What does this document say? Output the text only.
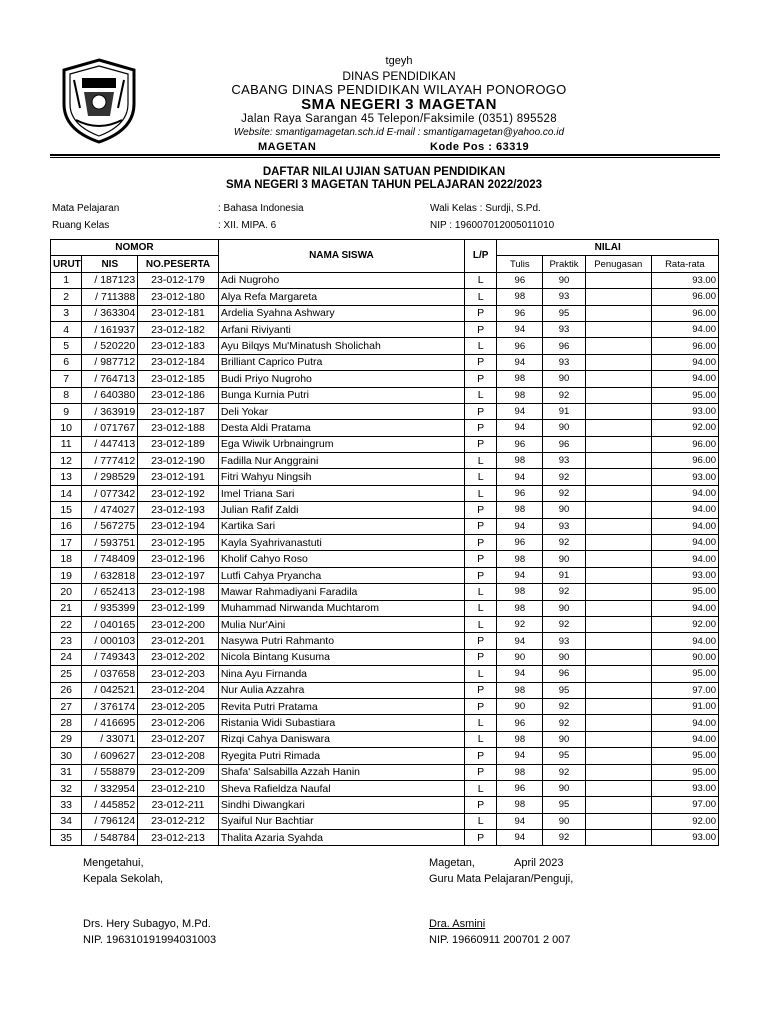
tgeyh
DINAS PENDIDIKAN
CABANG DINAS PENDIDIKAN WILAYAH PONOROGO
SMA NEGERI 3 MAGETAN
Jalan Raya Sarangan 45 Telepon/Faksimile (0351) 895528
Website: smantigamagetan.sch.id E-mail : smantigamagetan@yahoo.co.id
MAGETAN	Kode Pos : 63319
DAFTAR NILAI UJIAN SATUAN PENDIDIKAN
SMA NEGERI 3 MAGETAN TAHUN PELAJARAN 2022/2023
Mata Pelajaran	: Bahasa Indonesia
Ruang Kelas	: XII. MIPA. 6
Wali Kelas : Surdji, S.Pd.
NIP : 196007012005011010
NOMOR			NAMA SISWA	L/P	NILAI			
URUT	NIS	NO.PESERTA			Tulis	Praktik	Penugasan	Rata-rata
1	187123 /	23-012-179	Adi Nugroho	L	96	90		93.00
2	711388 /	23-012-180	Alya Refa Margareta	L	98	93		96.00
3	363304 /	23-012-181	Ardelia Syahna Ashwary	P	96	95		96.00
4	161937 /	23-012-182	Arfani Riviyanti	P	94	93		94.00
5	520220 /	23-012-183	Ayu Bilqys Mu'Minatush Sholichah	L	96	96		96.00
6	987712 /	23-012-184	Brilliant Caprico Putra	P	94	93		94.00
7	764713 /	23-012-185	Budi Priyo Nugroho	P	98	90		94.00
8	640380 /	23-012-186	Bunga Kurnia Putri	L	98	92		95.00
9	363919 /	23-012-187	Deli Yokar	P	94	91		93.00
10	071767 /	23-012-188	Desta Aldi Pratama	P	94	90		92.00
11	447413 /	23-012-189	Ega Wiwik Urbnaingrum	P	96	96		96.00
12	777412 /	23-012-190	Fadilla Nur Anggraini	L	98	93		96.00
13	298529 /	23-012-191	Fitri Wahyu Ningsih	L	94	92		93.00
14	077342 /	23-012-192	Imel Triana Sari	L	96	92		94.00
15	474027 /	23-012-193	Julian Rafif Zaldi	P	98	90		94.00
16	567275 /	23-012-194	Kartika Sari	P	94	93		94.00
17	593751 /	23-012-195	Kayla Syahrivanastuti	P	96	92		94.00
18	748409 /	23-012-196	Kholif Cahyo Roso	P	98	90		94.00
19	632818 /	23-012-197	Lutfi Cahya Pryancha	P	94	91		93.00
20	652413 /	23-012-198	Mawar Rahmadiyani Faradila	L	98	92		95.00
21	935399 /	23-012-199	Muhammad Nirwanda Muchtarom	L	98	90		94.00
22	040165 /	23-012-200	Mulia Nur'Aini	L	92	92		92.00
23	000103 /	23-012-201	Nasywa Putri Rahmanto	P	94	93		94.00
24	749343 /	23-012-202	Nicola Bintang Kusuma	P	90	90		90.00
25	037658 /	23-012-203	Nina Ayu Firnanda	L	94	96		95.00
26	042521 /	23-012-204	Nur Aulia Azzahra	P	98	95		97.00
27	376174 /	23-012-205	Revita Putri Pratama	P	90	92		91.00
28	416695 /	23-012-206	Ristania Widi Subastiara	L	96	92		94.00
29	33071 /	23-012-207	Rizqi Cahya Daniswara	L	98	90		94.00
30	609627 /	23-012-208	Ryegita Putri Rimada	P	94	95		95.00
31	558879 /	23-012-209	Shafa' Salsabilla Azzah Hanin	P	98	92		95.00
32	332954 /	23-012-210	Sheva Rafieldza Naufal	L	96	90		93.00
33	445852 /	23-012-211	Sindhi Diwangkari	P	98	95		97.00
34	796124 /	23-012-212	Syaiful Nur Bachtiar	L	94	90		92.00
35	548784 /	23-012-213	Thalita Azaria Syahda	P	94	92		93.00
Mengetahui,
Kepala Sekolah,
Drs. Hery Subagyo, M.Pd.
NIP. 196310191994031003
Magetan,	April 2023
Guru Mata Pelajaran/Penguji,
Dra. Asmini
NIP. 19660911 200701 2 007
